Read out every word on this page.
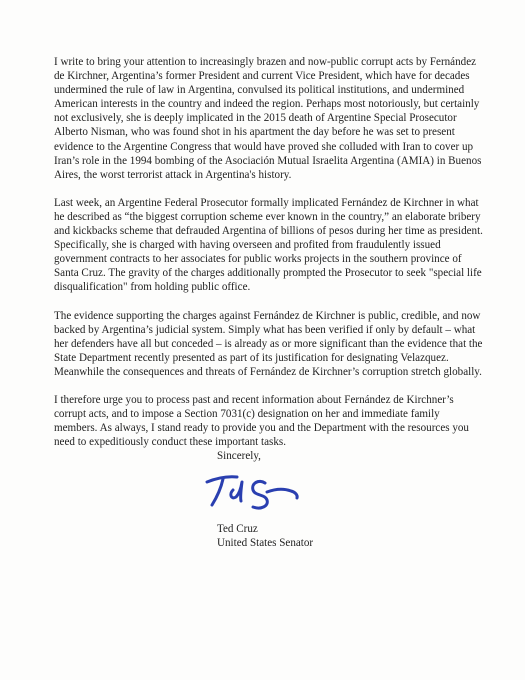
I write to bring your attention to increasingly brazen and now-public corrupt acts by Fernández de Kirchner, Argentina’s former President and current Vice President, which have for decades undermined the rule of law in Argentina, convulsed its political institutions, and undermined American interests in the country and indeed the region. Perhaps most notoriously, but certainly not exclusively, she is deeply implicated in the 2015 death of Argentine Special Prosecutor Alberto Nisman, who was found shot in his apartment the day before he was set to present evidence to the Argentine Congress that would have proved she colluded with Iran to cover up Iran’s role in the 1994 bombing of the Asociación Mutual Israelita Argentina (AMIA) in Buenos Aires, the worst terrorist attack in Argentina's history.

Last week, an Argentine Federal Prosecutor formally implicated Fernández de Kirchner in what he described as “the biggest corruption scheme ever known in the country,” an elaborate bribery and kickbacks scheme that defrauded Argentina of billions of pesos during her time as president. Specifically, she is charged with having overseen and profited from fraudulently issued government contracts to her associates for public works projects in the southern province of Santa Cruz. The gravity of the charges additionally prompted the Prosecutor to seek "special life disqualification" from holding public office.

The evidence supporting the charges against Fernández de Kirchner is public, credible, and now backed by Argentina’s judicial system. Simply what has been verified if only by default – what her defenders have all but conceded – is already as or more significant than the evidence that the State Department recently presented as part of its justification for designating Velazquez. Meanwhile the consequences and threats of Fernández de Kirchner’s corruption stretch globally.

I therefore urge you to process past and recent information about Fernández de Kirchner’s corrupt acts, and to impose a Section 7031(c) designation on her and immediate family members. As always, I stand ready to provide you and the Department with the resources you need to expeditiously conduct these important tasks.

Sincerely,
Ted Cruz
United States Senator
